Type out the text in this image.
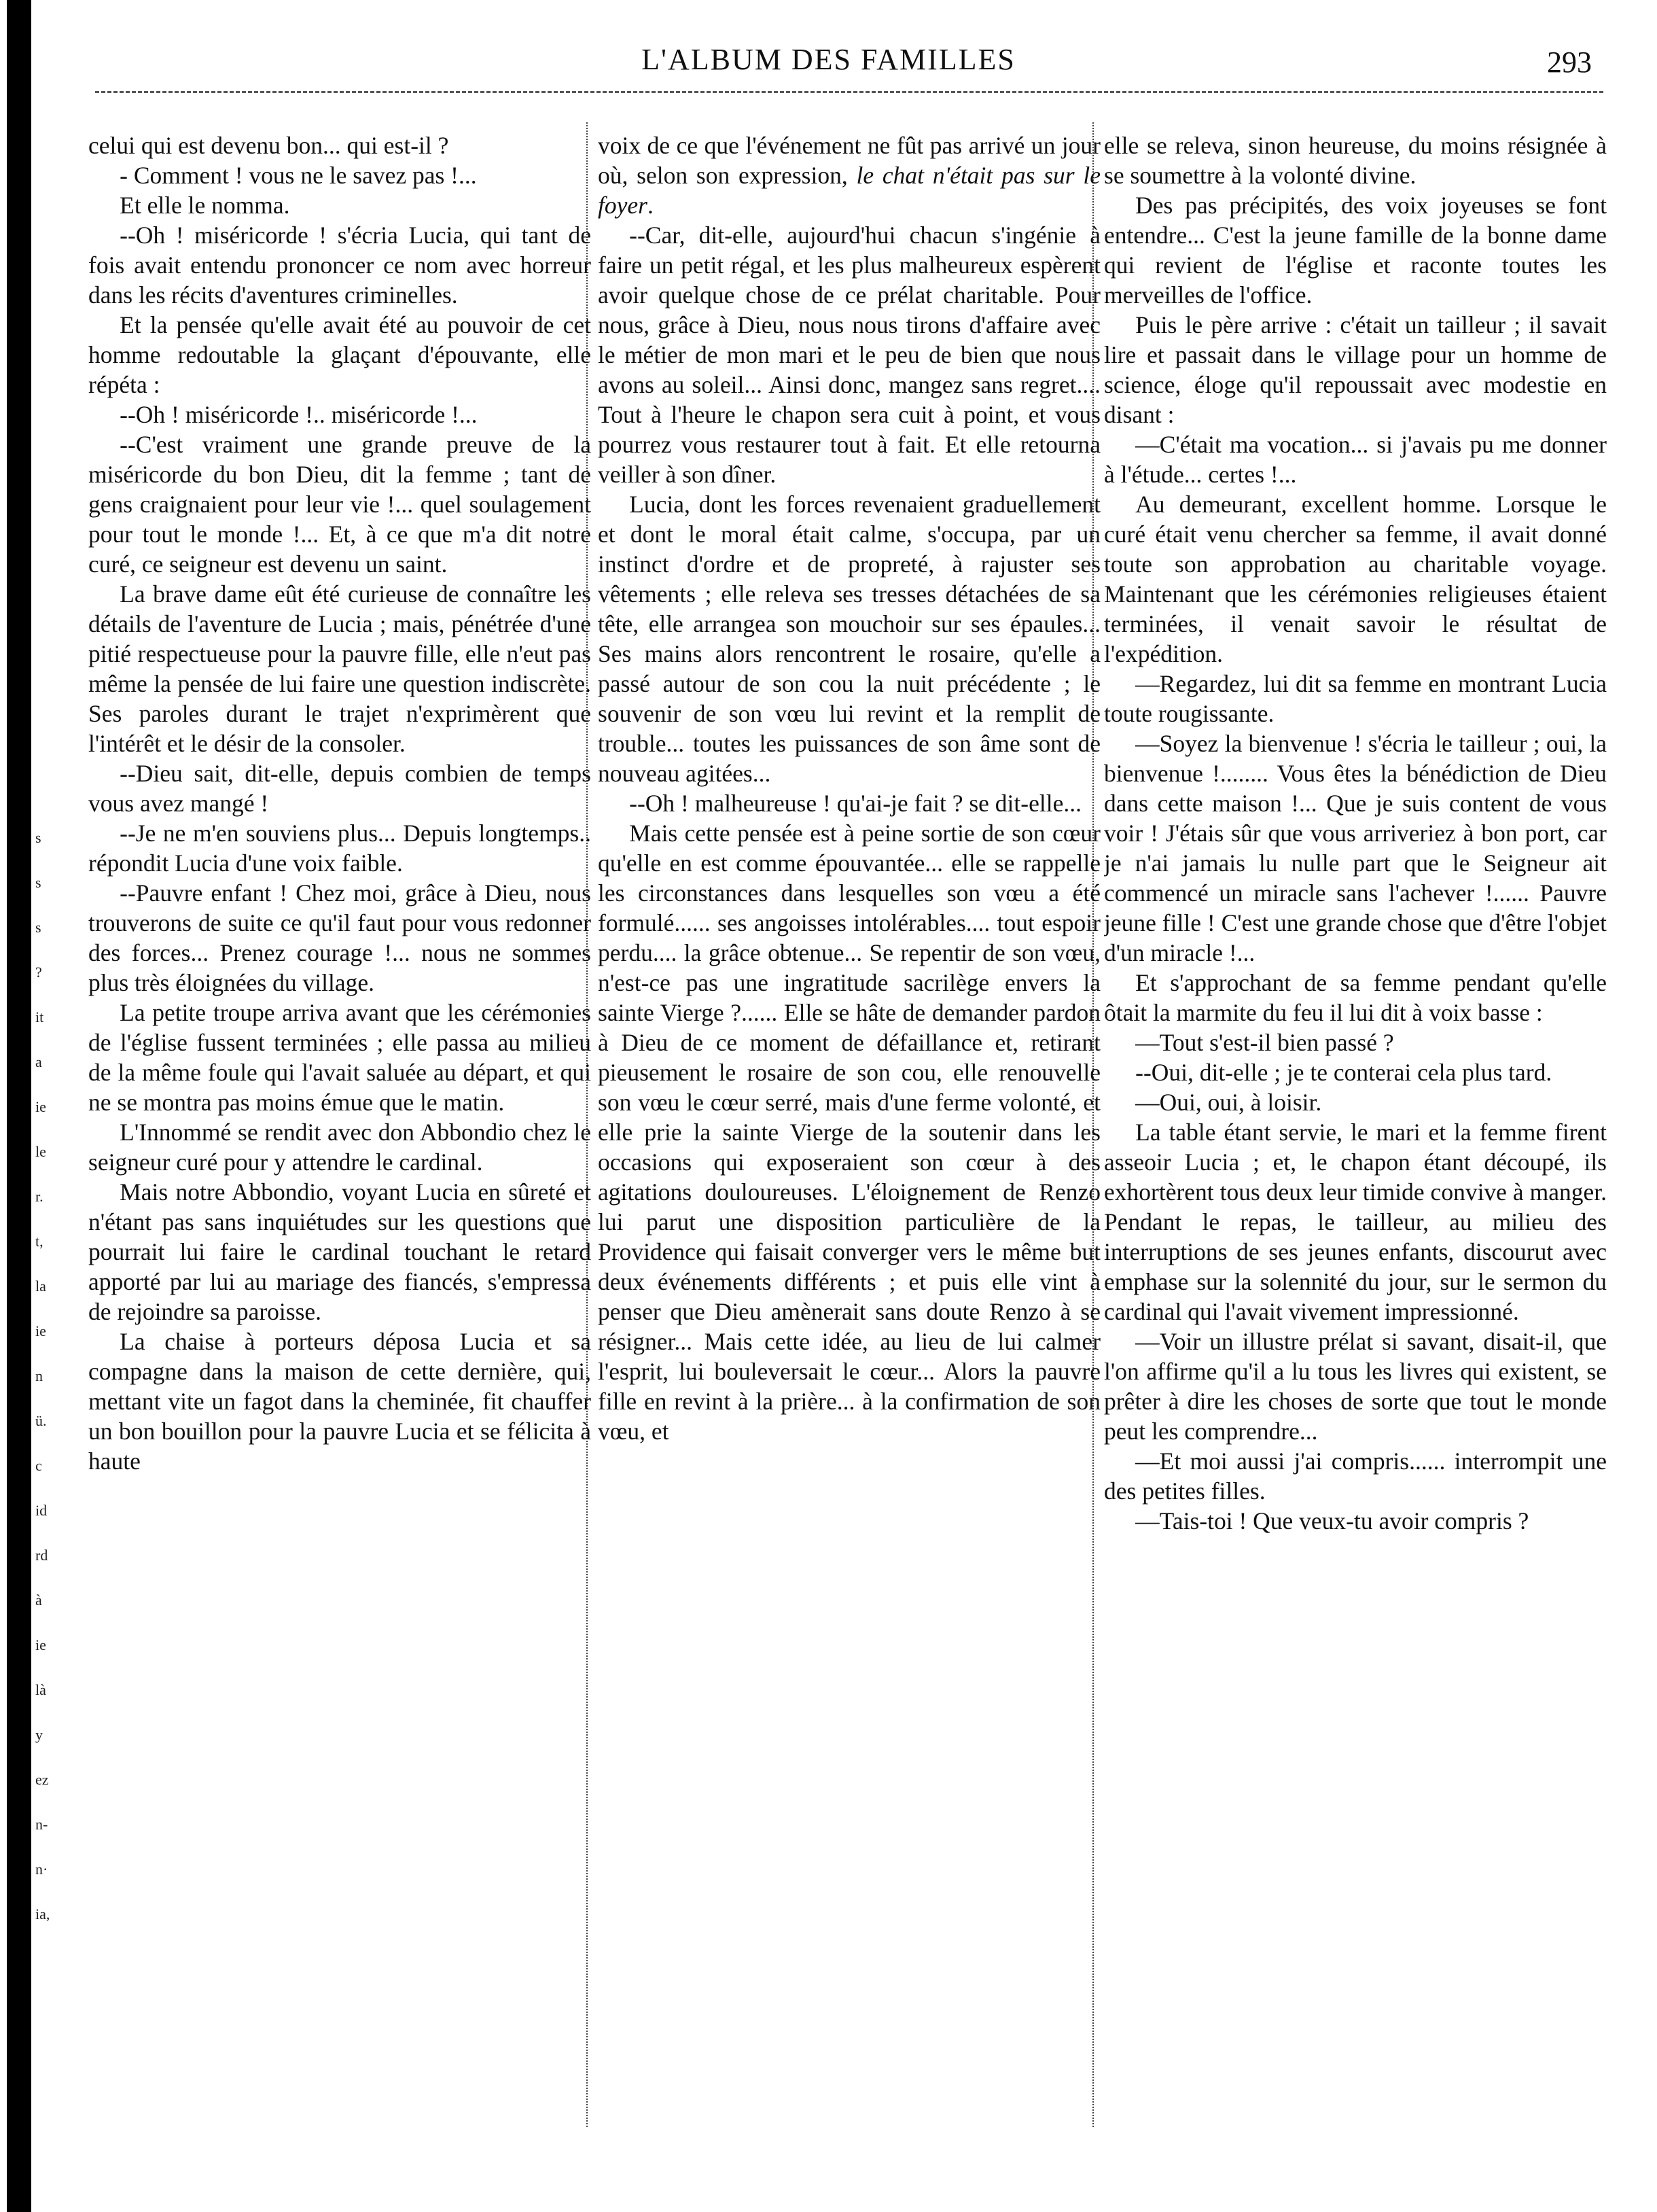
s
s
s
?
it
a
ie
le
r.
t,
la
ie
n
ü.
c
id
rd
à
ie
là
y
ez
n-
n·
ia,
L'ALBUM DES FAMILLES	293

celui qui est devenu bon... qui est-il ?

- Comment ! vous ne le savez pas !...

Et elle le nomma.

--Oh ! miséricorde ! s'écria Lucia, qui tant de fois avait entendu prononcer ce nom avec horreur dans les récits d'aventures criminelles.

Et la pensée qu'elle avait été au pouvoir de cet homme redoutable la glaçant d'épouvante, elle répéta :

--Oh ! miséricorde !.. miséricorde !...

--C'est vraiment une grande preuve de la miséricorde du bon Dieu, dit la femme ; tant de gens craignaient pour leur vie !... quel soulagement pour tout le monde !... Et, à ce que m'a dit notre curé, ce seigneur est devenu un saint.

La brave dame eût été curieuse de connaître les détails de l'aventure de Lucia ; mais, pénétrée d'une pitié respectueuse pour la pauvre fille, elle n'eut pas même la pensée de lui faire une question indiscrète. Ses paroles durant le trajet n'exprimèrent que l'intérêt et le désir de la consoler.

--Dieu sait, dit-elle, depuis combien de temps vous avez mangé !

--Je ne m'en souviens plus... Depuis longtemps.. répondit Lucia d'une voix faible.

--Pauvre enfant ! Chez moi, grâce à Dieu, nous trouverons de suite ce qu'il faut pour vous redonner des forces... Prenez courage !... nous ne sommes plus très éloignées du village.

La petite troupe arriva avant que les cérémonies de l'église fussent terminées ; elle passa au milieu de la même foule qui l'avait saluée au départ, et qui ne se montra pas moins émue que le matin.

L'Innommé se rendit avec don Abbondio chez le seigneur curé pour y attendre le cardinal.

Mais notre Abbondio, voyant Lucia en sûreté et n'étant pas sans inquiétudes sur les questions que pourrait lui faire le cardinal touchant le retard apporté par lui au mariage des fiancés, s'empressa de rejoindre sa paroisse.

La chaise à porteurs déposa Lucia et sa compagne dans la maison de cette dernière, qui, mettant vite un fagot dans la cheminée, fit chauffer un bon bouillon pour la pauvre Lucia et se félicita à haute

voix de ce que l'événement ne fût pas arrivé un jour où, selon son expression, le chat n'était pas sur le foyer.

--Car, dit-elle, aujourd'hui chacun s'ingénie à faire un petit régal, et les plus malheureux espèrent avoir quelque chose de ce prélat charitable. Pour nous, grâce à Dieu, nous nous tirons d'affaire avec le métier de mon mari et le peu de bien que nous avons au soleil... Ainsi donc, mangez sans regret.... Tout à l'heure le chapon sera cuit à point, et vous pourrez vous restaurer tout à fait. Et elle retourna veiller à son dîner.

Lucia, dont les forces revenaient graduellement et dont le moral était calme, s'occupa, par un instinct d'ordre et de propreté, à rajuster ses vêtements ; elle releva ses tresses détachées de sa tête, elle arrangea son mouchoir sur ses épaules... Ses mains alors rencontrent le rosaire, qu'elle a passé autour de son cou la nuit précédente ; le souvenir de son vœu lui revint et la remplit de trouble... toutes les puissances de son âme sont de nouveau agitées...

--Oh ! malheureuse ! qu'ai-je fait ? se dit-elle...

Mais cette pensée est à peine sortie de son cœur qu'elle en est comme épouvantée... elle se rappelle les circonstances dans lesquelles son vœu a été formulé...... ses angoisses intolérables.... tout espoir perdu.... la grâce obtenue... Se repentir de son vœu, n'est-ce pas une ingratitude sacrilège envers la sainte Vierge ?...... Elle se hâte de demander pardon à Dieu de ce moment de défaillance et, retirant pieusement le rosaire de son cou, elle renouvelle son vœu le cœur serré, mais d'une ferme volonté, et elle prie la sainte Vierge de la soutenir dans les occasions qui exposeraient son cœur à des agitations douloureuses. L'éloignement de Renzo lui parut une disposition particulière de la Providence qui faisait converger vers le même but deux événements différents ; et puis elle vint à penser que Dieu amènerait sans doute Renzo à se résigner... Mais cette idée, au lieu de lui calmer l'esprit, lui bouleversait le cœur... Alors la pauvre fille en revint à la prière... à la confirmation de son vœu, et

elle se releva, sinon heureuse, du moins résignée à se soumettre à la volonté divine.

Des pas précipités, des voix joyeuses se font entendre... C'est la jeune famille de la bonne dame qui revient de l'église et raconte toutes les merveilles de l'office.

Puis le père arrive : c'était un tailleur ; il savait lire et passait dans le village pour un homme de science, éloge qu'il repoussait avec modestie en disant :

—C'était ma vocation... si j'avais pu me donner à l'étude... certes !...

Au demeurant, excellent homme. Lorsque le curé était venu chercher sa femme, il avait donné toute son approbation au charitable voyage. Maintenant que les cérémonies religieuses étaient terminées, il venait savoir le résultat de l'expédition.

—Regardez, lui dit sa femme en montrant Lucia toute rougissante.

—Soyez la bienvenue ! s'écria le tailleur ; oui, la bienvenue !........ Vous êtes la bénédiction de Dieu dans cette maison !... Que je suis content de vous voir ! J'étais sûr que vous arriveriez à bon port, car je n'ai jamais lu nulle part que le Seigneur ait commencé un miracle sans l'achever !...... Pauvre jeune fille ! C'est une grande chose que d'être l'objet d'un miracle !...

Et s'approchant de sa femme pendant qu'elle ôtait la marmite du feu il lui dit à voix basse :

—Tout s'est-il bien passé ?

--Oui, dit-elle ; je te conterai cela plus tard.

—Oui, oui, à loisir.

La table étant servie, le mari et la femme firent asseoir Lucia ; et, le chapon étant découpé, ils exhortèrent tous deux leur timide convive à manger. Pendant le repas, le tailleur, au milieu des interruptions de ses jeunes enfants, discourut avec emphase sur la solennité du jour, sur le sermon du cardinal qui l'avait vivement impressionné.

—Voir un illustre prélat si savant, disait-il, que l'on affirme qu'il a lu tous les livres qui existent, se prêter à dire les choses de sorte que tout le monde peut les comprendre...

—Et moi aussi j'ai compris...... interrompit une des petites filles.

—Tais-toi ! Que veux-tu avoir compris ?
